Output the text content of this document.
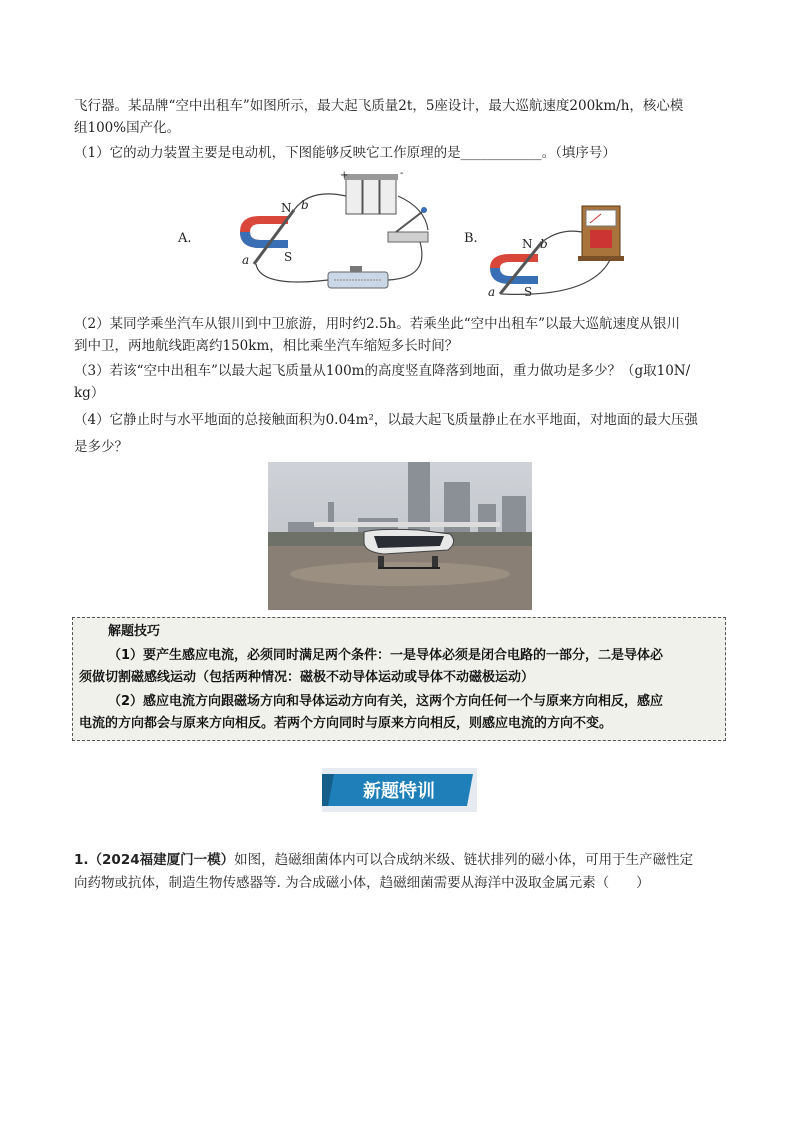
飞行器。某品牌“空中出租车”如图所示，最大起飞质量2t，5座设计，最大巡航速度200km/h，核心模
组100%国产化。
（1）它的动力装置主要是电动机，下图能够反映它工作原理的是____________。（填序号）
A.
N
S
a
b
+	-
B.	N
S
a
b
（2）某同学乘坐汽车从银川到中卫旅游，用时约2.5h。若乘坐此“空中出租车”以最大巡航速度从银川
到中卫，两地航线距离约150km，相比乘坐汽车缩短多长时间？
（3）若该“空中出租车”以最大起飞质量从100m的高度竖直降落到地面，重力做功是多少？（g取10N/
kg）
（4）它静止时与水平地面的总接触面积为0.04m²，以最大起飞质量静止在水平地面，对地面的最大压强
是多少？
解题技巧
（1）要产生感应电流，必须同时满足两个条件：一是导体必须是闭合电路的一部分，二是导体必
须做切割磁感线运动（包括两种情况：磁极不动导体运动或导体不动磁极运动）
（2）感应电流方向跟磁场方向和导体运动方向有关，这两个方向任何一个与原来方向相反，感应
电流的方向都会与原来方向相反。若两个方向同时与原来方向相反，则感应电流的方向不变。
新题特训
1.（2024福建厦门一模）如图，趋磁细菌体内可以合成纳米级、链状排列的磁小体，可用于生产磁性定
向药物或抗体，制造生物传感器等. 为合成磁小体，趋磁细菌需要从海洋中汲取金属元素（　　）
